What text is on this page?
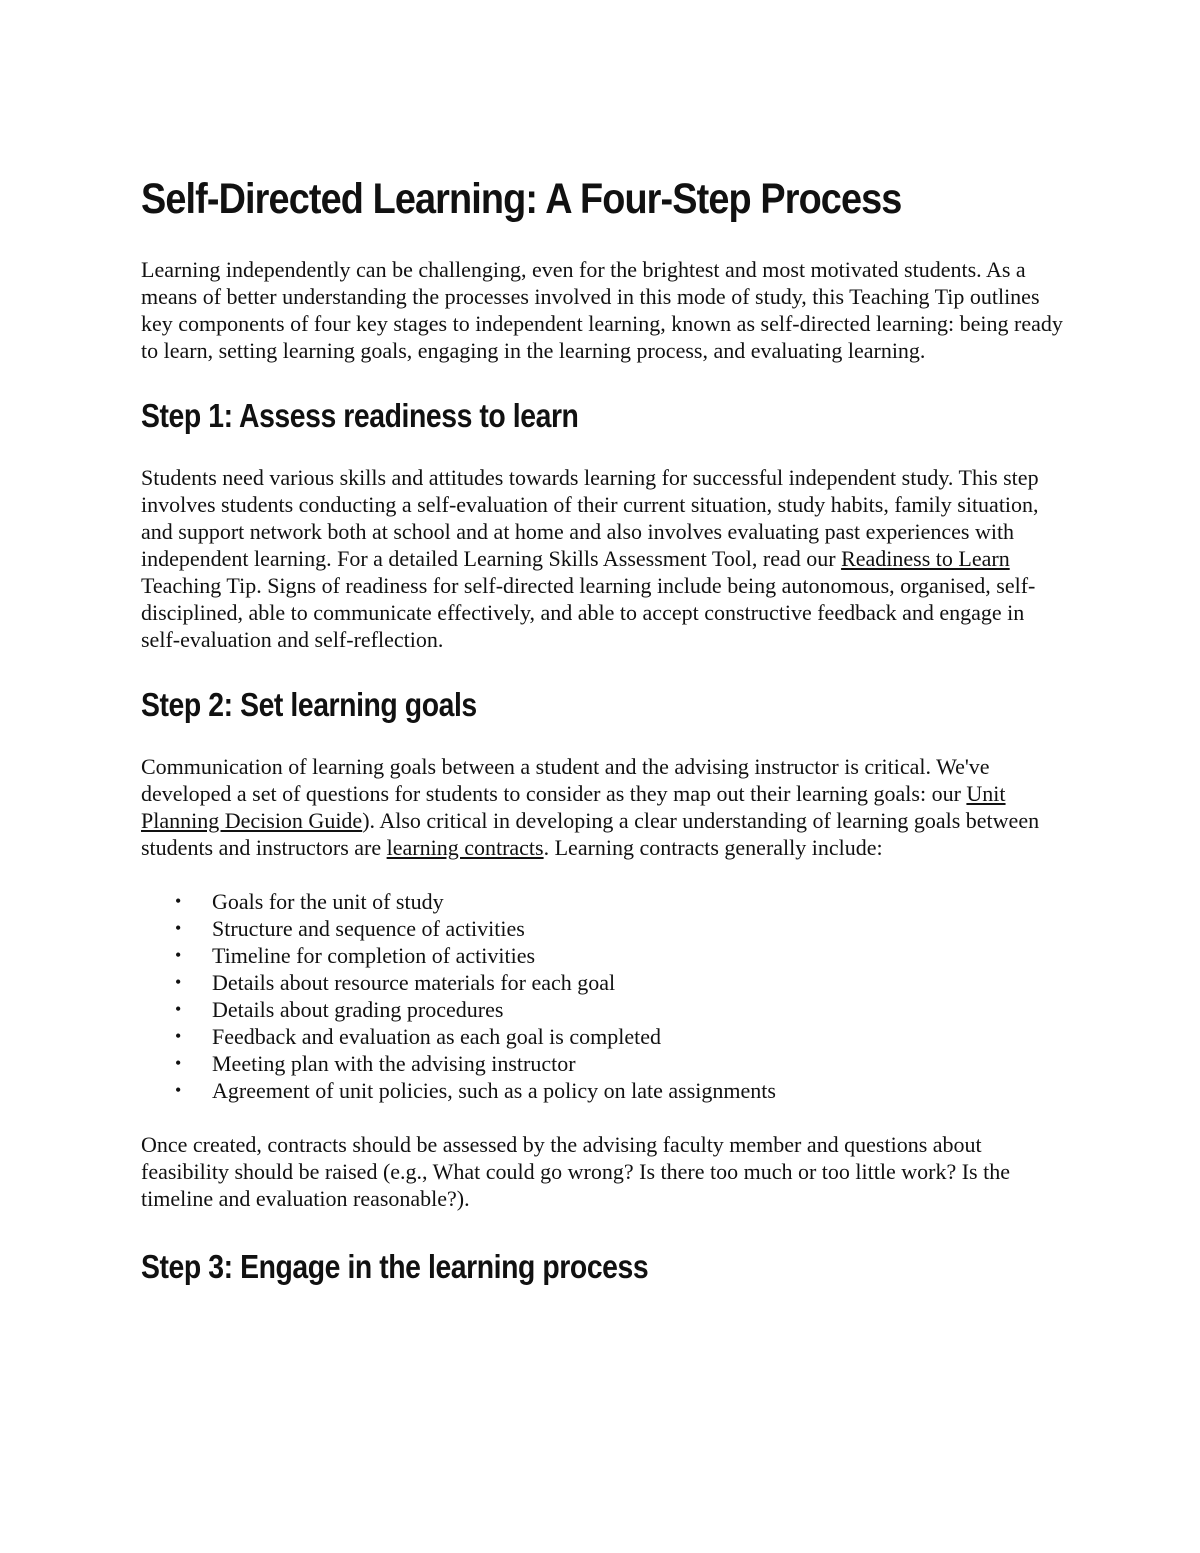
Self-Directed Learning: A Four-Step Process

Learning independently can be challenging, even for the brightest and most motivated students. As a means of better understanding the processes involved in this mode of study, this Teaching Tip outlines key components of four key stages to independent learning, known as self-directed learning: being ready to learn, setting learning goals, engaging in the learning process, and evaluating learning.

Step 1: Assess readiness to learn

Students need various skills and attitudes towards learning for successful independent study. This step involves students conducting a self-evaluation of their current situation, study habits, family situation, and support network both at school and at home and also involves evaluating past experiences with independent learning. For a detailed Learning Skills Assessment Tool, read our Readiness to Learn Teaching Tip. Signs of readiness for self-directed learning include being autonomous, organised, self-disciplined, able to communicate effectively, and able to accept constructive feedback and engage in self-evaluation and self-reflection.

Step 2: Set learning goals

Communication of learning goals between a student and the advising instructor is critical. We've developed a set of questions for students to consider as they map out their learning goals: our Unit Planning Decision Guide). Also critical in developing a clear understanding of learning goals between students and instructors are learning contracts. Learning contracts generally include:

• Goals for the unit of study
• Structure and sequence of activities
• Timeline for completion of activities
• Details about resource materials for each goal
• Details about grading procedures
• Feedback and evaluation as each goal is completed
• Meeting plan with the advising instructor
• Agreement of unit policies, such as a policy on late assignments

Once created, contracts should be assessed by the advising faculty member and questions about feasibility should be raised (e.g., What could go wrong? Is there too much or too little work? Is the timeline and evaluation reasonable?).

Step 3: Engage in the learning process
